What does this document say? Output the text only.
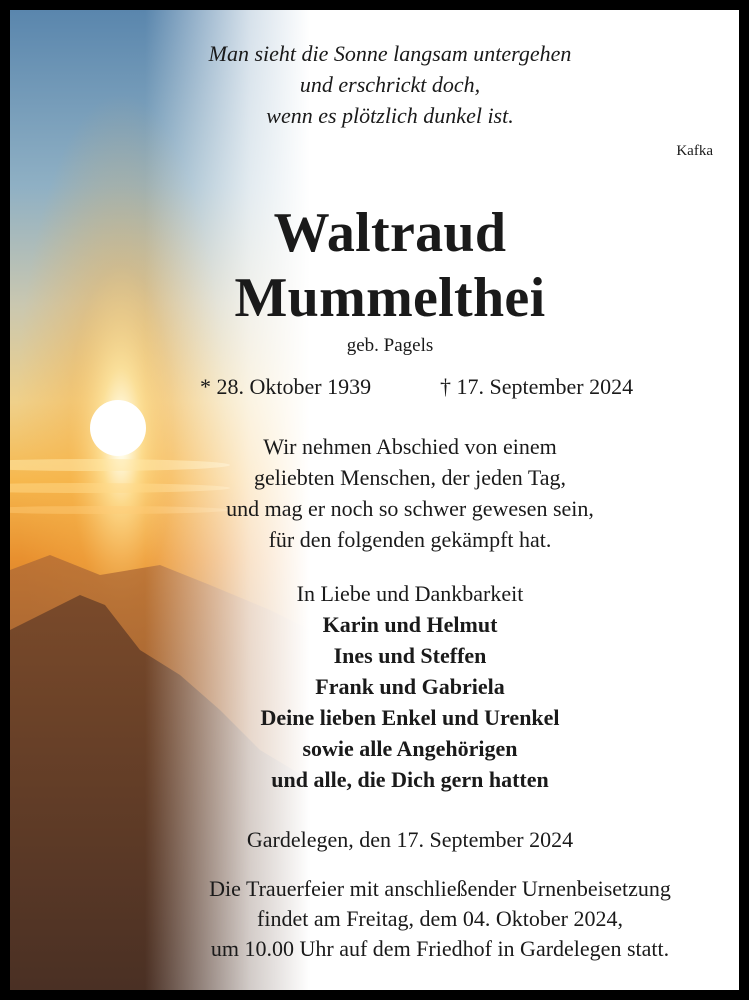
Man sieht die Sonne langsam untergehen
und erschrickt doch,
wenn es plötzlich dunkel ist.
Kafka
Waltraud
Mummelthei
geb. Pagels
* 28. Oktober 1939	† 17. September 2024
Wir nehmen Abschied von einem
geliebten Menschen, der jeden Tag,
und mag er noch so schwer gewesen sein,
für den folgenden gekämpft hat.
In Liebe und Dankbarkeit
Karin und Helmut
Ines und Steffen
Frank und Gabriela
Deine lieben Enkel und Urenkel
sowie alle Angehörigen
und alle, die Dich gern hatten
Gardelegen, den 17. September 2024
Die Trauerfeier mit anschließender Urnenbeisetzung
findet am Freitag, dem 04. Oktober 2024,
um 10.00 Uhr auf dem Friedhof in Gardelegen statt.
